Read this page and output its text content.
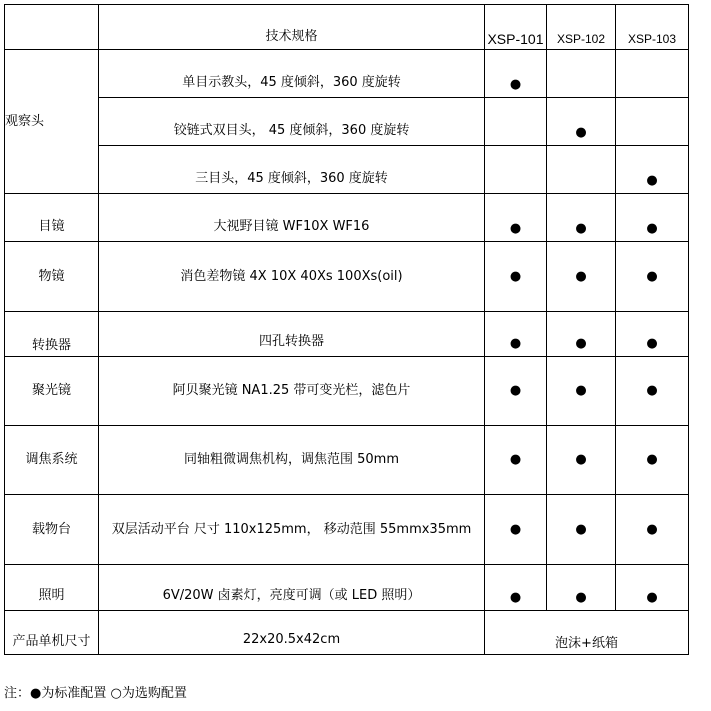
	技术规格	XSP-101	XSP-102	XSP-103
观察头	单目示教头，45 度倾斜，360 度旋转	●		
	铰链式双目头， 45 度倾斜，360 度旋转		●	
	三目头，45 度倾斜，360 度旋转			●
目镜	大视野目镜 WF10X WF16	●	●	●
物镜	消色差物镜 4X 10X 40Xs 100Xs(oil)	●	●	●
转换器	四孔转换器	●	●	●
聚光镜	阿贝聚光镜 NA1.25 带可变光栏，滤色片	●	●	●
调焦系统	同轴粗微调焦机构，调焦范围 50mm	●	●	●
载物台	双层活动平台 尺寸 110x125mm， 移动范围 55mmx35mm	●	●	●
照明	6V/20W 卤素灯，亮度可调（或 LED 照明）	●	●	●
产品单机尺寸	22x20.5x42cm	泡沫+纸箱		
注：●为标准配置 ○为选购配置
